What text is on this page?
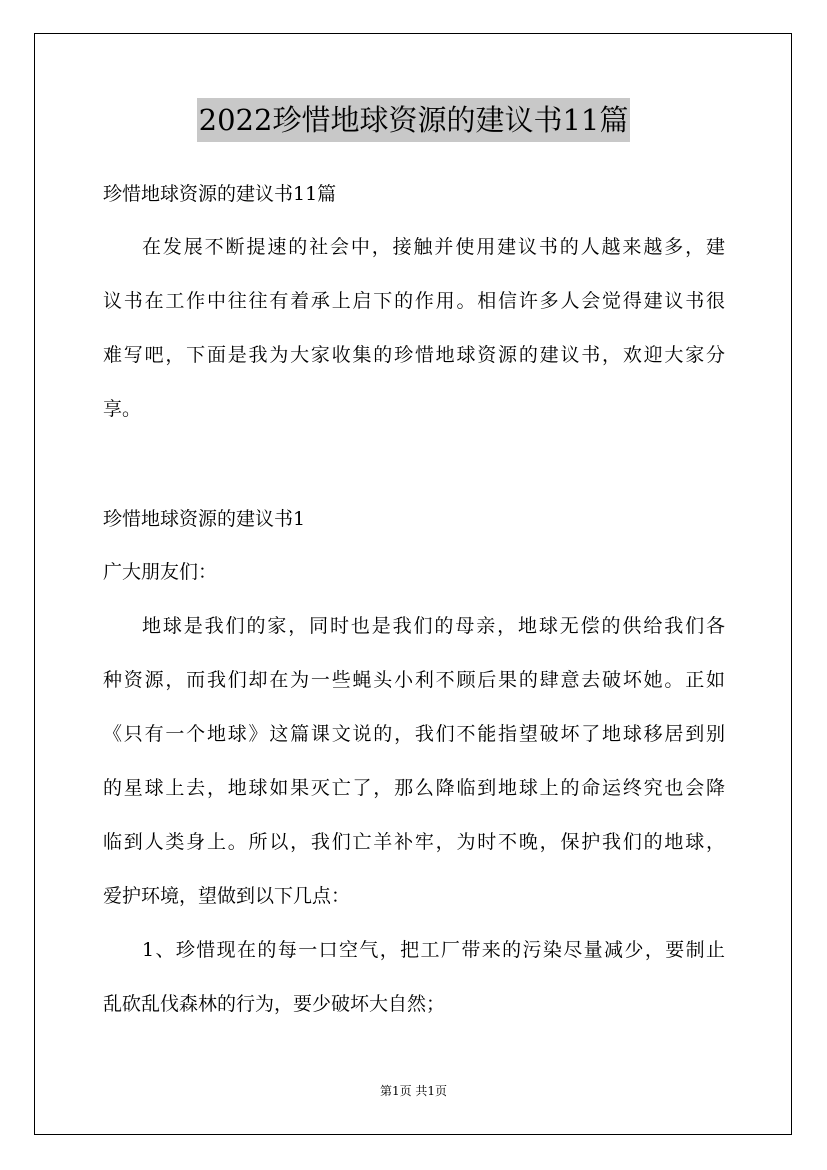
2022珍惜地球资源的建议书11篇
珍惜地球资源的建议书11篇
在发展不断提速的社会中，接触并使用建议书的人越来越多，建
议书在工作中往往有着承上启下的作用。相信许多人会觉得建议书很
难写吧，下面是我为大家收集的珍惜地球资源的建议书，欢迎大家分
享。
珍惜地球资源的建议书1
广大朋友们：
地球是我们的家，同时也是我们的母亲，地球无偿的供给我们各
种资源，而我们却在为一些蝇头小利不顾后果的肆意去破坏她。正如
《只有一个地球》这篇课文说的，我们不能指望破坏了地球移居到别
的星球上去，地球如果灭亡了，那么降临到地球上的命运终究也会降
临到人类身上。所以，我们亡羊补牢，为时不晚，保护我们的地球，
爱护环境，望做到以下几点：
1、珍惜现在的每一口空气，把工厂带来的污染尽量减少，要制止
乱砍乱伐森林的行为，要少破坏大自然；
第1页 共1页
